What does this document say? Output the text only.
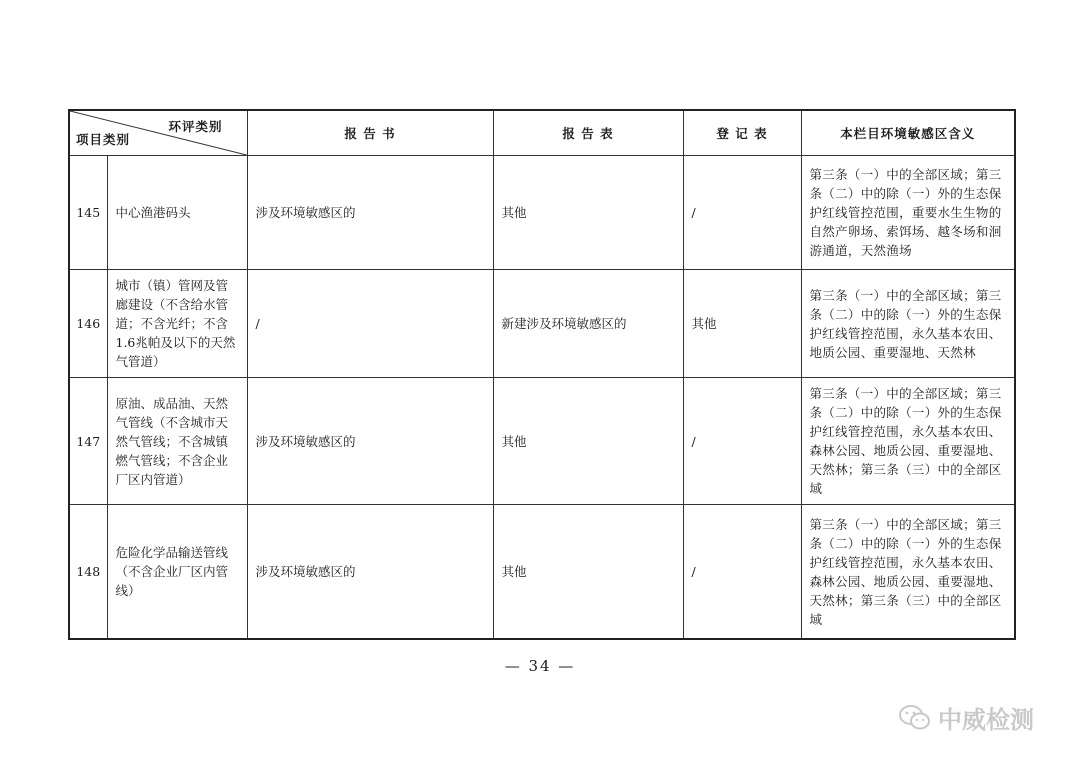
环评类别
项目类别		报 告 书	报 告 表	登 记 表	本栏目环境敏感区含义
145	中心渔港码头	涉及环境敏感区的	其他	/	第三条（一）中的全部区域；第三条（二）中的除（一）外的生态保护红线管控范围，重要水生生物的自然产卵场、索饵场、越冬场和洄游通道，天然渔场
146	城市（镇）管网及管廊建设（不含给水管道；不含光纤；不含1.6兆帕及以下的天然气管道）	/	新建涉及环境敏感区的	其他	第三条（一）中的全部区域；第三条（二）中的除（一）外的生态保护红线管控范围，永久基本农田、地质公园、重要湿地、天然林
147	原油、成品油、天然气管线（不含城市天然气管线；不含城镇燃气管线；不含企业厂区内管道）	涉及环境敏感区的	其他	/	第三条（一）中的全部区域；第三条（二）中的除（一）外的生态保护红线管控范围，永久基本农田、森林公园、地质公园、重要湿地、天然林；第三条（三）中的全部区域
148	危险化学品输送管线（不含企业厂区内管线）	涉及环境敏感区的	其他	/	第三条（一）中的全部区域；第三条（二）中的除（一）外的生态保护红线管控范围，永久基本农田、森林公园、地质公园、重要湿地、天然林；第三条（三）中的全部区域
— 34 —
中威检测
